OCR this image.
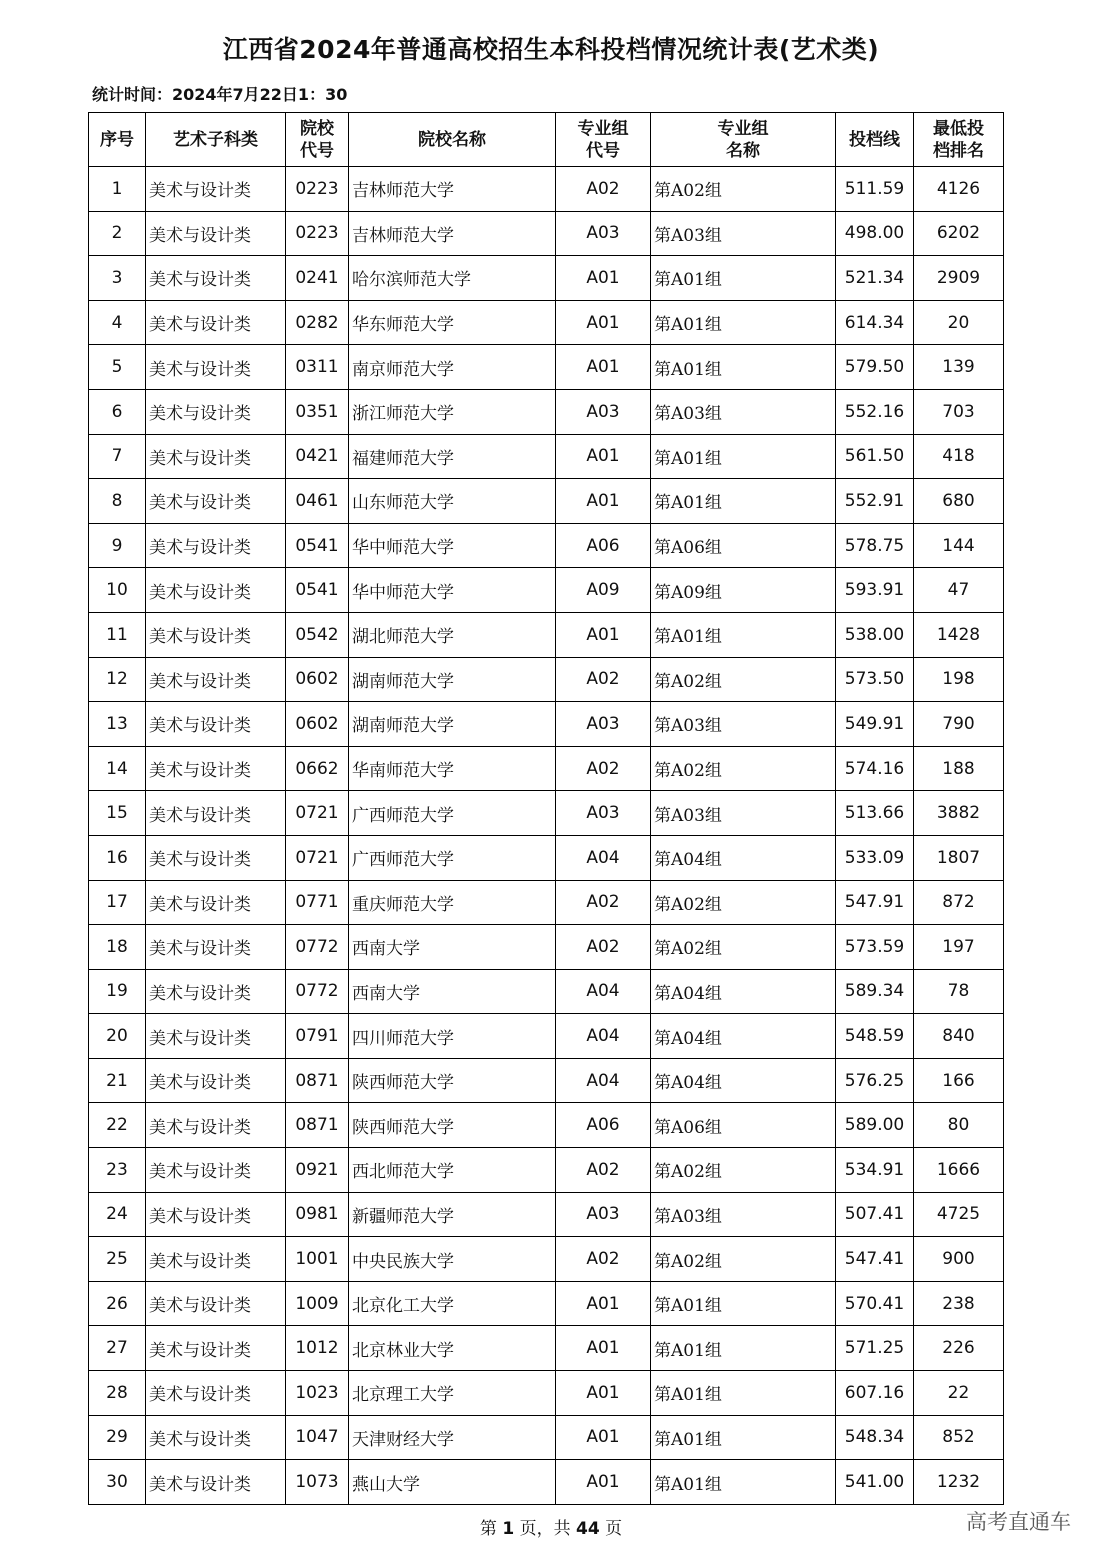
江西省2024年普通高校招生本科投档情况统计表(艺术类)
统计时间：2024年7月22日1：30
序号	艺术子科类	院校代号	院校名称	专业组代号	专业组名称	投档线	最低投档排名
1	美术与设计类	0223	吉林师范大学	A02	第A02组	511.59	4126
2	美术与设计类	0223	吉林师范大学	A03	第A03组	498.00	6202
3	美术与设计类	0241	哈尔滨师范大学	A01	第A01组	521.34	2909
4	美术与设计类	0282	华东师范大学	A01	第A01组	614.34	20
5	美术与设计类	0311	南京师范大学	A01	第A01组	579.50	139
6	美术与设计类	0351	浙江师范大学	A03	第A03组	552.16	703
7	美术与设计类	0421	福建师范大学	A01	第A01组	561.50	418
8	美术与设计类	0461	山东师范大学	A01	第A01组	552.91	680
9	美术与设计类	0541	华中师范大学	A06	第A06组	578.75	144
10	美术与设计类	0541	华中师范大学	A09	第A09组	593.91	47
11	美术与设计类	0542	湖北师范大学	A01	第A01组	538.00	1428
12	美术与设计类	0602	湖南师范大学	A02	第A02组	573.50	198
13	美术与设计类	0602	湖南师范大学	A03	第A03组	549.91	790
14	美术与设计类	0662	华南师范大学	A02	第A02组	574.16	188
15	美术与设计类	0721	广西师范大学	A03	第A03组	513.66	3882
16	美术与设计类	0721	广西师范大学	A04	第A04组	533.09	1807
17	美术与设计类	0771	重庆师范大学	A02	第A02组	547.91	872
18	美术与设计类	0772	西南大学	A02	第A02组	573.59	197
19	美术与设计类	0772	西南大学	A04	第A04组	589.34	78
20	美术与设计类	0791	四川师范大学	A04	第A04组	548.59	840
21	美术与设计类	0871	陕西师范大学	A04	第A04组	576.25	166
22	美术与设计类	0871	陕西师范大学	A06	第A06组	589.00	80
23	美术与设计类	0921	西北师范大学	A02	第A02组	534.91	1666
24	美术与设计类	0981	新疆师范大学	A03	第A03组	507.41	4725
25	美术与设计类	1001	中央民族大学	A02	第A02组	547.41	900
26	美术与设计类	1009	北京化工大学	A01	第A01组	570.41	238
27	美术与设计类	1012	北京林业大学	A01	第A01组	571.25	226
28	美术与设计类	1023	北京理工大学	A01	第A01组	607.16	22
29	美术与设计类	1047	天津财经大学	A01	第A01组	548.34	852
30	美术与设计类	1073	燕山大学	A01	第A01组	541.00	1232
第 1 页，共 44 页	高考直通车
